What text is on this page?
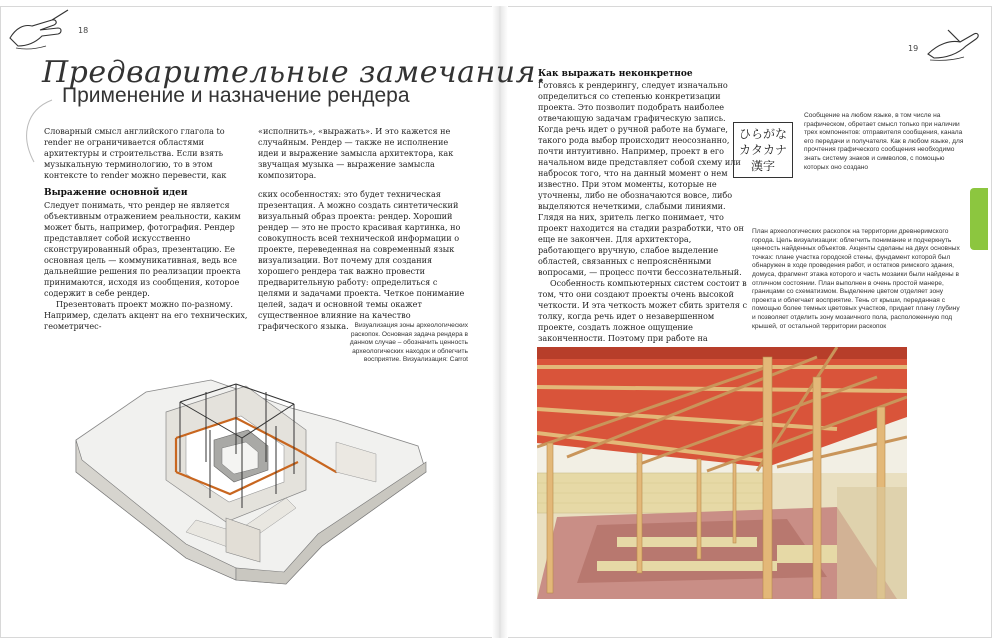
18
Предварительные замечания.
Применение и назначение рендера
Словарный смысл английского глагола to render не ограничивается областями архитектуры и строительства. Если взять музыкальную терминологию, то в этом контексте to render можно перевести, как
«исполнить», «выражать». И это кажется не случайным. Рендер — также не исполнение идеи и выражение замысла архитектора, как звучащая музыка — выражение замысла композитора.
Выражение основной идеи

Следует понимать, что рендер не является объективным отражением реальности, каким может быть, например, фотография. Рендер представляет собой искусственно сконструированный образ, презентацию. Ее основная цель — коммуникативная, ведь все дальнейшие решения по реализации проекта принимаются, исходя из сообщения, которое содержит в себе рендер.

Презентовать проект можно по-разному. Например, сделать акцент на его технических, геометричес-

ских особенностях: это будет техническая презентация. А можно создать синтетический визуальный образ проекта: рендер. Хороший рендер — это не просто красивая картинка, но совокупность всей технической информации о проекте, переведенная на современный язык визуализации. Вот почему для создания хорошего рендера так важно провести предварительную работу: определиться с целями и задачами проекта. Четкое понимание целей, задач и основной темы окажет существенное влияние на качество графического языка. Визуализация зоны археологических раскопок. Основная задача рендера в данном случае – обозначить ценность археологических находок и облегчить восприятие. Визуализация: Carrot
19
Как выражать неконкретное

Готовясь к рендерингу, следует изначально определиться со степенью конкретизации проекта. Это позволит подобрать наиболее отвечающую задачам графическую запись. Когда речь идет о ручной работе на бумаге, такого рода выбор происходит неосознанно, почти интуитивно. Например, проект в его начальном виде представляет собой схему или набросок того, что на данный момент о нем известно. При этом моменты, которые не уточнены, либо не обозначаются вовсе, либо выделяются нечеткими, слабыми линиями. Глядя на них, зритель легко понимает, что проект находится на стадии разработки, что он еще не закончен. Для архитектора, работающего вручную, слабое выделение областей, связанных с непрояснёнными вопросами, — процесс почти бессознательный.

Особенность компьютерных систем состоит в том, что они создают проекты очень высокой четкости. И эта четкость может сбить зрителя с толку, когда речь идет о незавершенном проекте, создать ложное ощущение законченности. Поэтому при работе на

ひらがな
カタカナ
漢字
Сообщение на любом языке, в том числе на графическом, обретает смысл только при наличии трех компонентов: отправителя сообщения, канала его передачи и получателя. Как в любом языке, для прочтения графического сообщения необходимо знать систему знаков и символов, с помощью которых оно создано
План археологических раскопок на территории древнеримского города. Цель визуализации: облегчить понимание и подчеркнуть ценность найденных объектов. Акценты сделаны на двух основных точках: плане участка городской стены, фундамент которой был обнаружен в ходе проведения работ, и остатков римского здания, домуса, фрагмент этажа которого и часть мозаики были найдены в отличном состоянии. План выполнен в очень простой манере, границами со схематизмом. Выделение цветом отделяет зону проекта и облегчает восприятие. Тень от крыши, переданная с помощью более темных цветовых участков, придает плану глубину и позволяет отделить зону мозаичного пола, расположенную под крышей, от остальной территории раскопок
